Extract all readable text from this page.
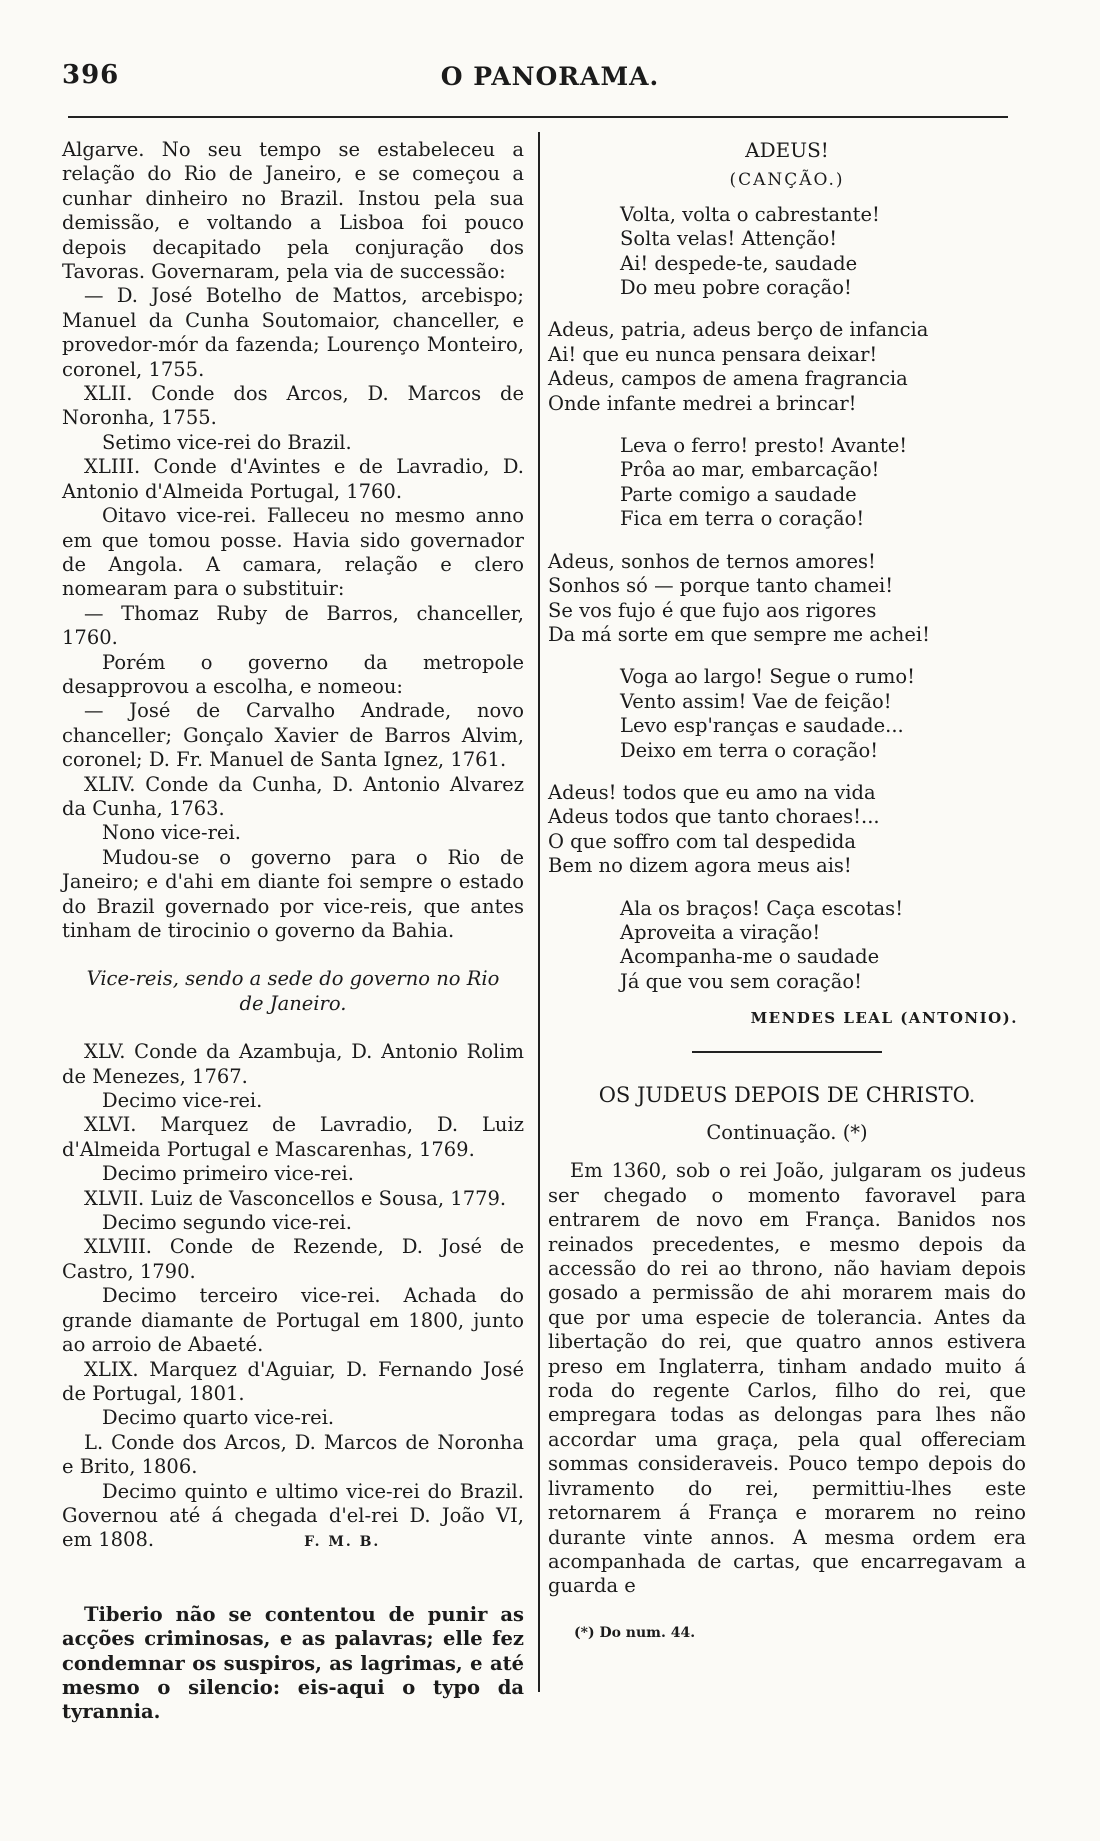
396	O PANORAMA.

Algarve. No seu tempo se estabeleceu a relação do Rio de Janeiro, e se começou a cunhar dinheiro no Brazil. Instou pela sua demissão, e voltando a Lisboa foi pouco depois decapitado pela conjuração dos Tavoras. Governaram, pela via de successão:

— D. José Botelho de Mattos, arcebispo; Manuel da Cunha Soutomaior, chanceller, e provedor-mór da fazenda; Lourenço Monteiro, coronel, 1755.

XLII. Conde dos Arcos, D. Marcos de Noronha, 1755.

Setimo vice-rei do Brazil.

XLIII. Conde d'Avintes e de Lavradio, D. Antonio d'Almeida Portugal, 1760.

Oitavo vice-rei. Falleceu no mesmo anno em que tomou posse. Havia sido governador de Angola. A camara, relação e clero nomearam para o substituir:

— Thomaz Ruby de Barros, chanceller, 1760.

Porém o governo da metropole desapprovou a escolha, e nomeou:

— José de Carvalho Andrade, novo chanceller; Gonçalo Xavier de Barros Alvim, coronel; D. Fr. Manuel de Santa Ignez, 1761.

XLIV. Conde da Cunha, D. Antonio Alvarez da Cunha, 1763.

Nono vice-rei.

Mudou-se o governo para o Rio de Janeiro; e d'ahi em diante foi sempre o estado do Brazil governado por vice-reis, que antes tinham de tirocinio o governo da Bahia.

Vice-reis, sendo a sede do governo no Rio de Janeiro.

XLV. Conde da Azambuja, D. Antonio Rolim de Menezes, 1767.

Decimo vice-rei.

XLVI. Marquez de Lavradio, D. Luiz d'Almeida Portugal e Mascarenhas, 1769.

Decimo primeiro vice-rei.

XLVII. Luiz de Vasconcellos e Sousa, 1779.

Decimo segundo vice-rei.

XLVIII. Conde de Rezende, D. José de Castro, 1790.

Decimo terceiro vice-rei. Achada do grande diamante de Portugal em 1800, junto ao arroio de Abaeté.

XLIX. Marquez d'Aguiar, D. Fernando José de Portugal, 1801.

Decimo quarto vice-rei.

L. Conde dos Arcos, D. Marcos de Noronha e Brito, 1806.

Decimo quinto e ultimo vice-rei do Brazil. Governou até á chegada d'el-rei D. João VI, em 1808.	F. M. B.

Tiberio não se contentou de punir as acções criminosas, e as palavras; elle fez condemnar os suspiros, as lagrimas, e até mesmo o silencio: eis-aqui o typo da tyrannia.

ADEUS!

(CANÇÃO.)

Volta, volta o cabrestante!
Solta velas! Attenção!
Ai! despede-te, saudade
Do meu pobre coração!
Adeus, patria, adeus berço de infancia
Ai! que eu nunca pensara deixar!
Adeus, campos de amena fragrancia
Onde infante medrei a brincar!
Leva o ferro! presto! Avante!
Prôa ao mar, embarcação!
Parte comigo a saudade
Fica em terra o coração!
Adeus, sonhos de ternos amores!
Sonhos só — porque tanto chamei!
Se vos fujo é que fujo aos rigores
Da má sorte em que sempre me achei!
Voga ao largo! Segue o rumo!
Vento assim! Vae de feição!
Levo esp'ranças e saudade...
Deixo em terra o coração!
Adeus! todos que eu amo na vida
Adeus todos que tanto choraes!...
O que soffro com tal despedida
Bem no dizem agora meus ais!
Ala os braços! Caça escotas!
Aproveita a viração!
Acompanha-me o saudade
Já que vou sem coração!

MENDES LEAL (ANTONIO).

OS JUDEUS DEPOIS DE CHRISTO.

Continuação. (*)

Em 1360, sob o rei João, julgaram os judeus ser chegado o momento favoravel para entrarem de novo em França. Banidos nos reinados precedentes, e mesmo depois da accessão do rei ao throno, não haviam depois gosado a permissão de ahi morarem mais do que por uma especie de tolerancia. Antes da libertação do rei, que quatro annos estivera preso em Inglaterra, tinham andado muito á roda do regente Carlos, filho do rei, que empregara todas as delongas para lhes não accordar uma graça, pela qual offereciam sommas consideraveis. Pouco tempo depois do livramento do rei, permittiu-lhes este retornarem á França e morarem no reino durante vinte annos. A mesma ordem era acompanhada de cartas, que encarregavam a guarda e

(*) Do num. 44.
